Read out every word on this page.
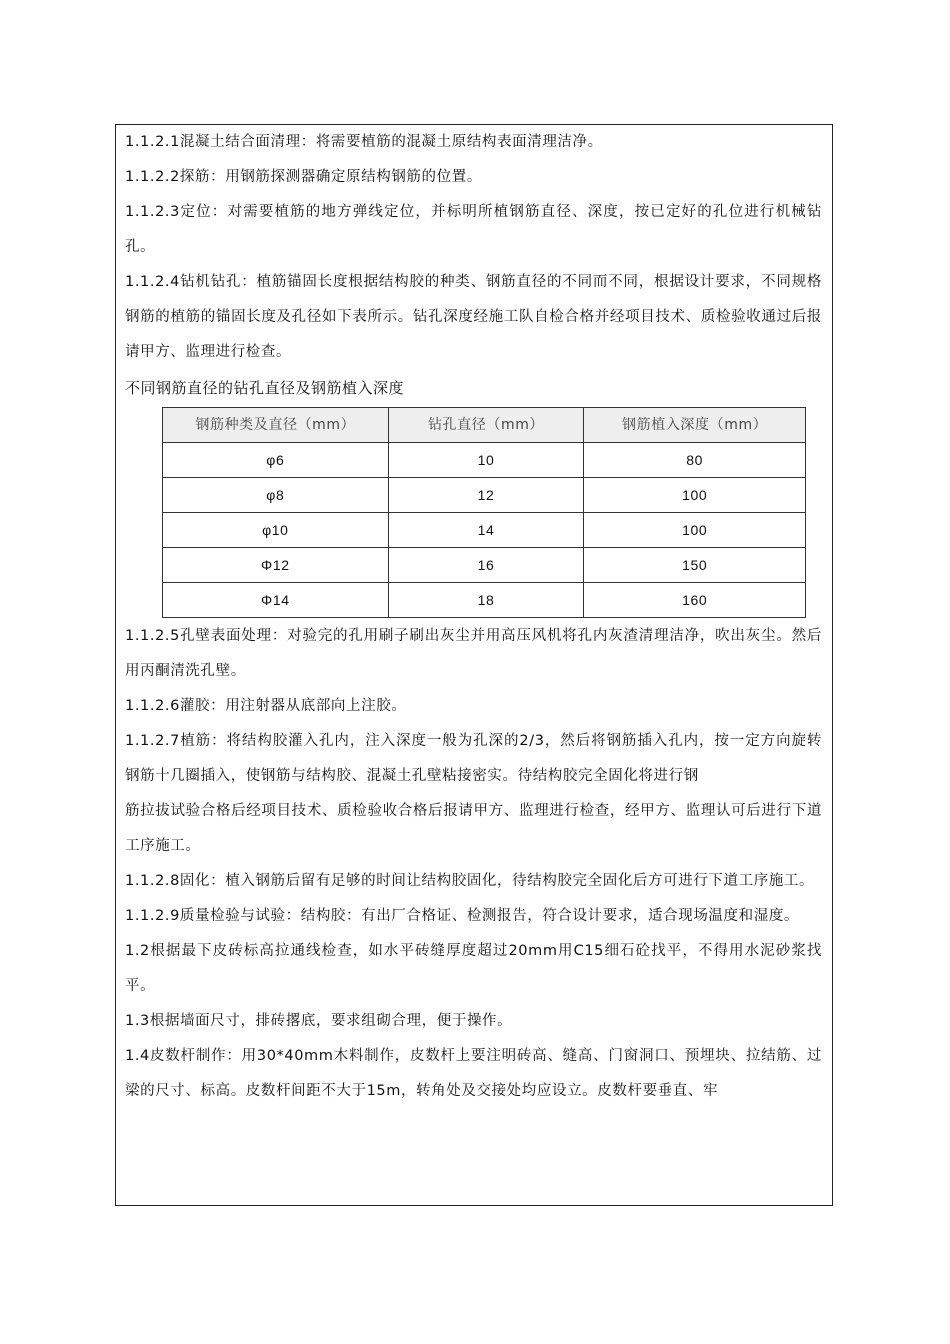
1.1.2.1混凝土结合面清理：将需要植筋的混凝土原结构表面清理洁净。

1.1.2.2探筋：用钢筋探测器确定原结构钢筋的位置。

1.1.2.3定位：对需要植筋的地方弹线定位，并标明所植钢筋直径、深度，按已定好的孔位进行机械钻孔。

1.1.2.4钻机钻孔：植筋锚固长度根据结构胶的种类、钢筋直径的不同而不同，根据设计要求，不同规格钢筋的植筋的锚固长度及孔径如下表所示。钻孔深度经施工队自检合格并经项目技术、质检验收通过后报请甲方、监理进行检查。

不同钢筋直径的钻孔直径及钢筋植入深度

钢筋种类及直径（mm）	钻孔直径（mm）	钢筋植入深度（mm）
φ6	10	80
φ8	12	100
φ10	14	100
Φ12	16	150
Φ14	18	160

1.1.2.5孔壁表面处理：对验完的孔用刷子刷出灰尘并用高压风机将孔内灰渣清理洁净，吹出灰尘。然后用丙酮清洗孔壁。

1.1.2.6灌胶：用注射器从底部向上注胶。

1.1.2.7植筋：将结构胶灌入孔内，注入深度一般为孔深的2/3，然后将钢筋插入孔内，按一定方向旋转钢筋十几圈插入，使钢筋与结构胶、混凝土孔壁粘接密实。待结构胶完全固化将进行钢

筋拉拔试验合格后经项目技术、质检验收合格后报请甲方、监理进行检查，经甲方、监理认可后进行下道工序施工。

1.1.2.8固化：植入钢筋后留有足够的时间让结构胶固化，待结构胶完全固化后方可进行下道工序施工。

1.1.2.9质量检验与试验：结构胶：有出厂合格证、检测报告，符合设计要求，适合现场温度和湿度。

1.2根据最下皮砖标高拉通线检查，如水平砖缝厚度超过20mm用C15细石砼找平，不得用水泥砂浆找平。

1.3根据墙面尺寸，排砖撂底，要求组砌合理，便于操作。

1.4皮数杆制作：用30*40mm木料制作，皮数杆上要注明砖高、缝高、门窗洞口、预埋块、拉结筋、过梁的尺寸、标高。皮数杆间距不大于15m，转角处及交接处均应设立。皮数杆要垂直、牢
